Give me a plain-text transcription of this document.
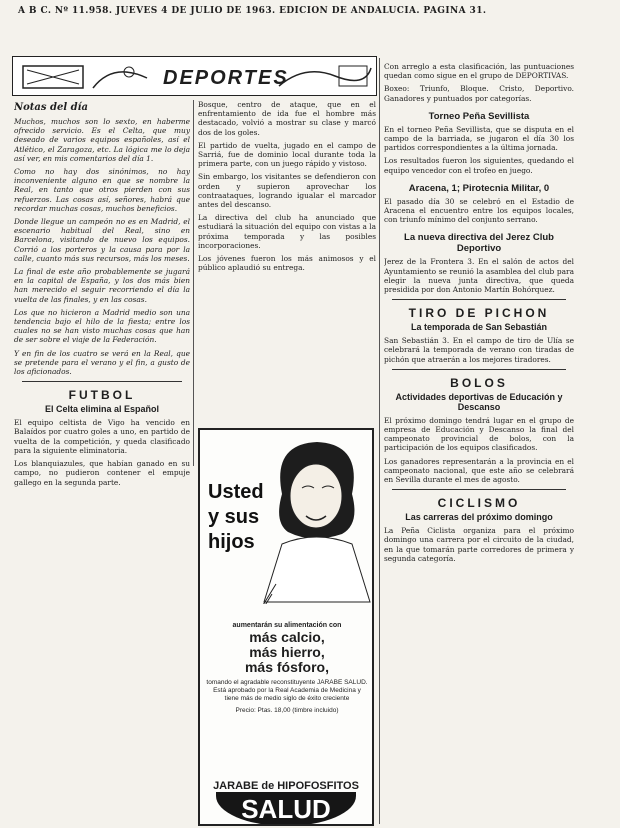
A B C. Nº 11.958. JUEVES 4 DE JULIO DE 1963. EDICION DE ANDALUCIA. PAGINA 31.
DEPORTES
Notas del día

Muchos, muchos son lo sexto, en haberme ofrecido servicio. Es el Celta, que muy deseado de varios equipos españoles, así el Atlético, el Zaragoza, etc. La lógica me lo deja así ver, en mis comentarios del día 1.

Como no hay dos sinónimos, no hay inconveniente alguno en que se nombre la Real, en tanto que otros pierden con sus refuerzos. Las cosas así, señores, habrá que recordar muchas cosas, muchos beneficios.

Donde llegue un campeón no es en Madrid, el escenario habitual del Real, sino en Barcelona, visitando de nuevo los equipos. Corrió a los porteros y la causa para por la calle, cuanto más sus recursos, más los meses.

La final de este año probablemente se jugará en la capital de España, y los dos más bien han merecido el seguir recorriendo el día la vuelta de las finales, y en las cosas.

Los que no hicieron a Madrid medio son una tendencia bajo el hilo de la fiesta; entre los cuales no se han visto muchas cosas que han de ser sobre el viaje de la Federación.

Y en fin de los cuatro se verá en la Real, que se pretende para el verano y el fin, a gusto de los aficionados.

FUTBOL
El Celta elimina al Español

El equipo celtista de Vigo ha vencido en Balaídos por cuatro goles a uno, en partido de vuelta de la competición, y queda clasificado para la siguiente eliminatoria.

Los blanquiazules, que habían ganado en su campo, no pudieron contener el empuje gallego en la segunda parte.

Bosque, centro de ataque, que en el enfrentamiento de ida fue el hombre más destacado, volvió a mostrar su clase y marcó dos de los goles.

El partido de vuelta, jugado en el campo de Sarriá, fue de dominio local durante toda la primera parte, con un juego rápido y vistoso.

Sin embargo, los visitantes se defendieron con orden y supieron aprovechar los contraataques, logrando igualar el marcador antes del descanso.

La directiva del club ha anunciado que estudiará la situación del equipo con vistas a la próxima temporada y las posibles incorporaciones.

Los jóvenes fueron los más animosos y el público aplaudió su entrega.

Usted
y sus
hijos
aumentarán su alimentación con
más calcio,
más hierro,
más fósforo,
tomando el agradable reconstituyente JARABE SALUD. Está aprobado por la Real Academia de Medicina y tiene más de medio siglo de éxito creciente
Precio: Ptas. 18,00 (timbre incluido)
JARABE de HIPOFOSFITOS
SALUD

Con arreglo a esta clasificación, las puntuaciones quedan como sigue en el grupo de DEPORTIVAS.

Boxeo: Triunfo, Bloque. Cristo, Deportivo. Ganadores y puntuados por categorías.

Torneo Peña Sevillista

En el torneo Peña Sevillista, que se disputa en el campo de la barriada, se jugaron el día 30 los partidos correspondientes a la última jornada.

Los resultados fueron los siguientes, quedando el equipo vencedor con el trofeo en juego.

Aracena, 1; Pirotecnia Militar, 0

El pasado día 30 se celebró en el Estadio de Aracena el encuentro entre los equipos locales, con triunfo mínimo del conjunto serrano.

La nueva directiva del Jerez Club Deportivo

Jerez de la Frontera 3. En el salón de actos del Ayuntamiento se reunió la asamblea del club para elegir la nueva junta directiva, que queda presidida por don Antonio Martín Bohórquez.

TIRO DE PICHON
La temporada de San Sebastián

San Sebastián 3. En el campo de tiro de Ulía se celebrará la temporada de verano con tiradas de pichón que atraerán a los mejores tiradores.

BOLOS
Actividades deportivas de Educación y Descanso

El próximo domingo tendrá lugar en el grupo de empresa de Educación y Descanso la final del campeonato provincial de bolos, con la participación de los equipos clasificados.

Los ganadores representarán a la provincia en el campeonato nacional, que este año se celebrará en Sevilla durante el mes de agosto.

CICLISMO
Las carreras del próximo domingo

La Peña Ciclista organiza para el próximo domingo una carrera por el circuito de la ciudad, en la que tomarán parte corredores de primera y segunda categoría.
